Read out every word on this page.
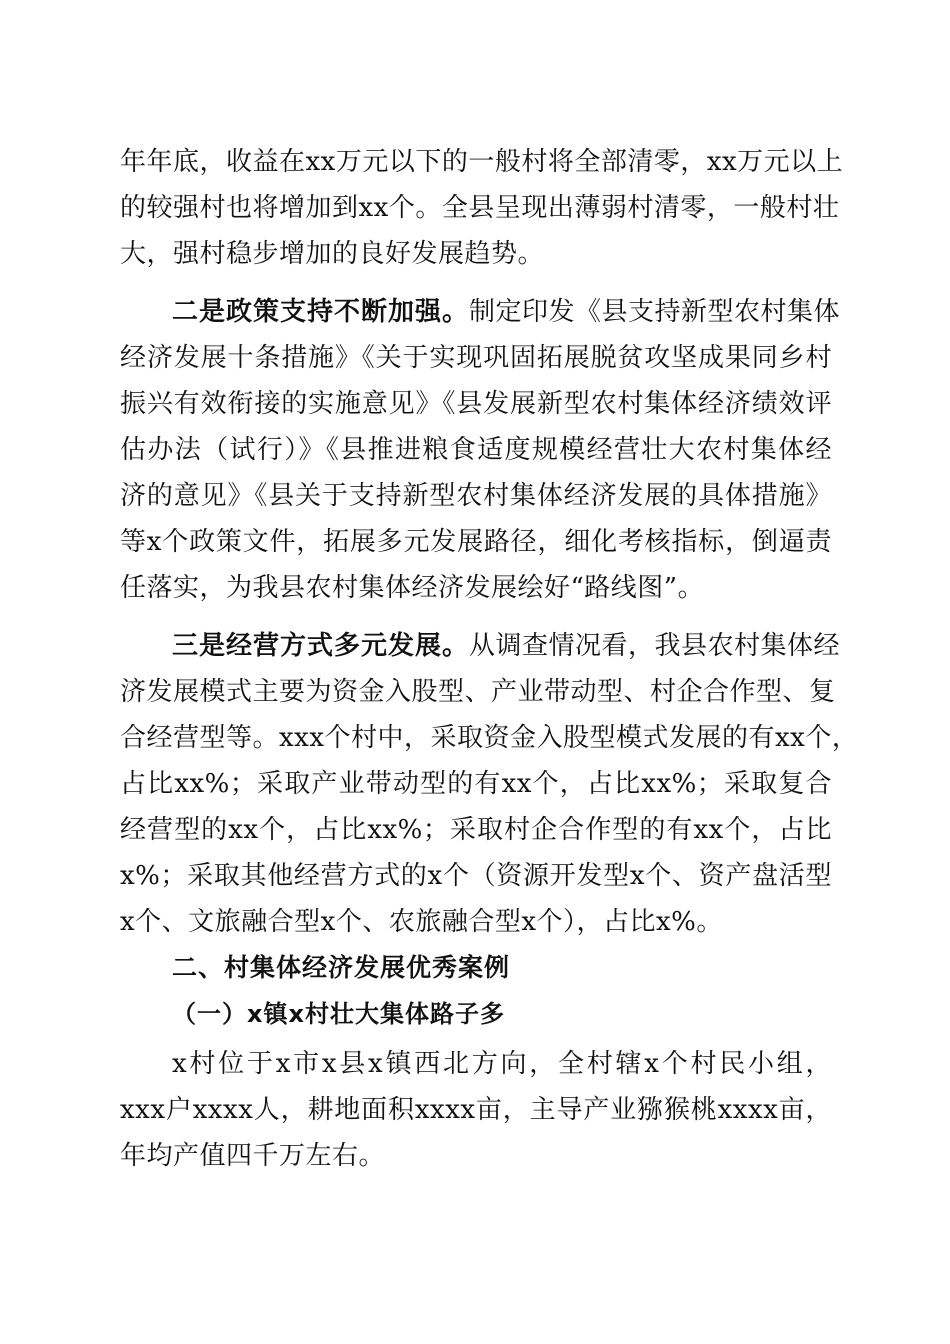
年年底，收益在xx万元以下的一般村将全部清零，xx万元以上
的较强村也将增加到xx个。全县呈现出薄弱村清零，一般村壮
大，强村稳步增加的良好发展趋势。
二是政策支持不断加强。制定印发《县支持新型农村集体
经济发展十条措施》《关于实现巩固拓展脱贫攻坚成果同乡村
振兴有效衔接的实施意见》《县发展新型农村集体经济绩效评
估办法（试行）》《县推进粮食适度规模经营壮大农村集体经
济的意见》《县关于支持新型农村集体经济发展的具体措施》
等x个政策文件，拓展多元发展路径，细化考核指标，倒逼责
任落实，为我县农村集体经济发展绘好“路线图”。
三是经营方式多元发展。从调查情况看，我县农村集体经
济发展模式主要为资金入股型、产业带动型、村企合作型、复
合经营型等。xxx个村中，采取资金入股型模式发展的有xx个，
占比xx%；采取产业带动型的有xx个，占比xx%；采取复合
经营型的xx个，占比xx%；采取村企合作型的有xx个，占比
x%；采取其他经营方式的x个（资源开发型x个、资产盘活型
x个、文旅融合型x个、农旅融合型x个），占比x%。
二、村集体经济发展优秀案例
（一）x镇x村壮大集体路子多
x村位于x市x县x镇西北方向，全村辖x个村民小组，
xxx户xxxx人，耕地面积xxxx亩，主导产业猕猴桃xxxx亩，
年均产值四千万左右。
